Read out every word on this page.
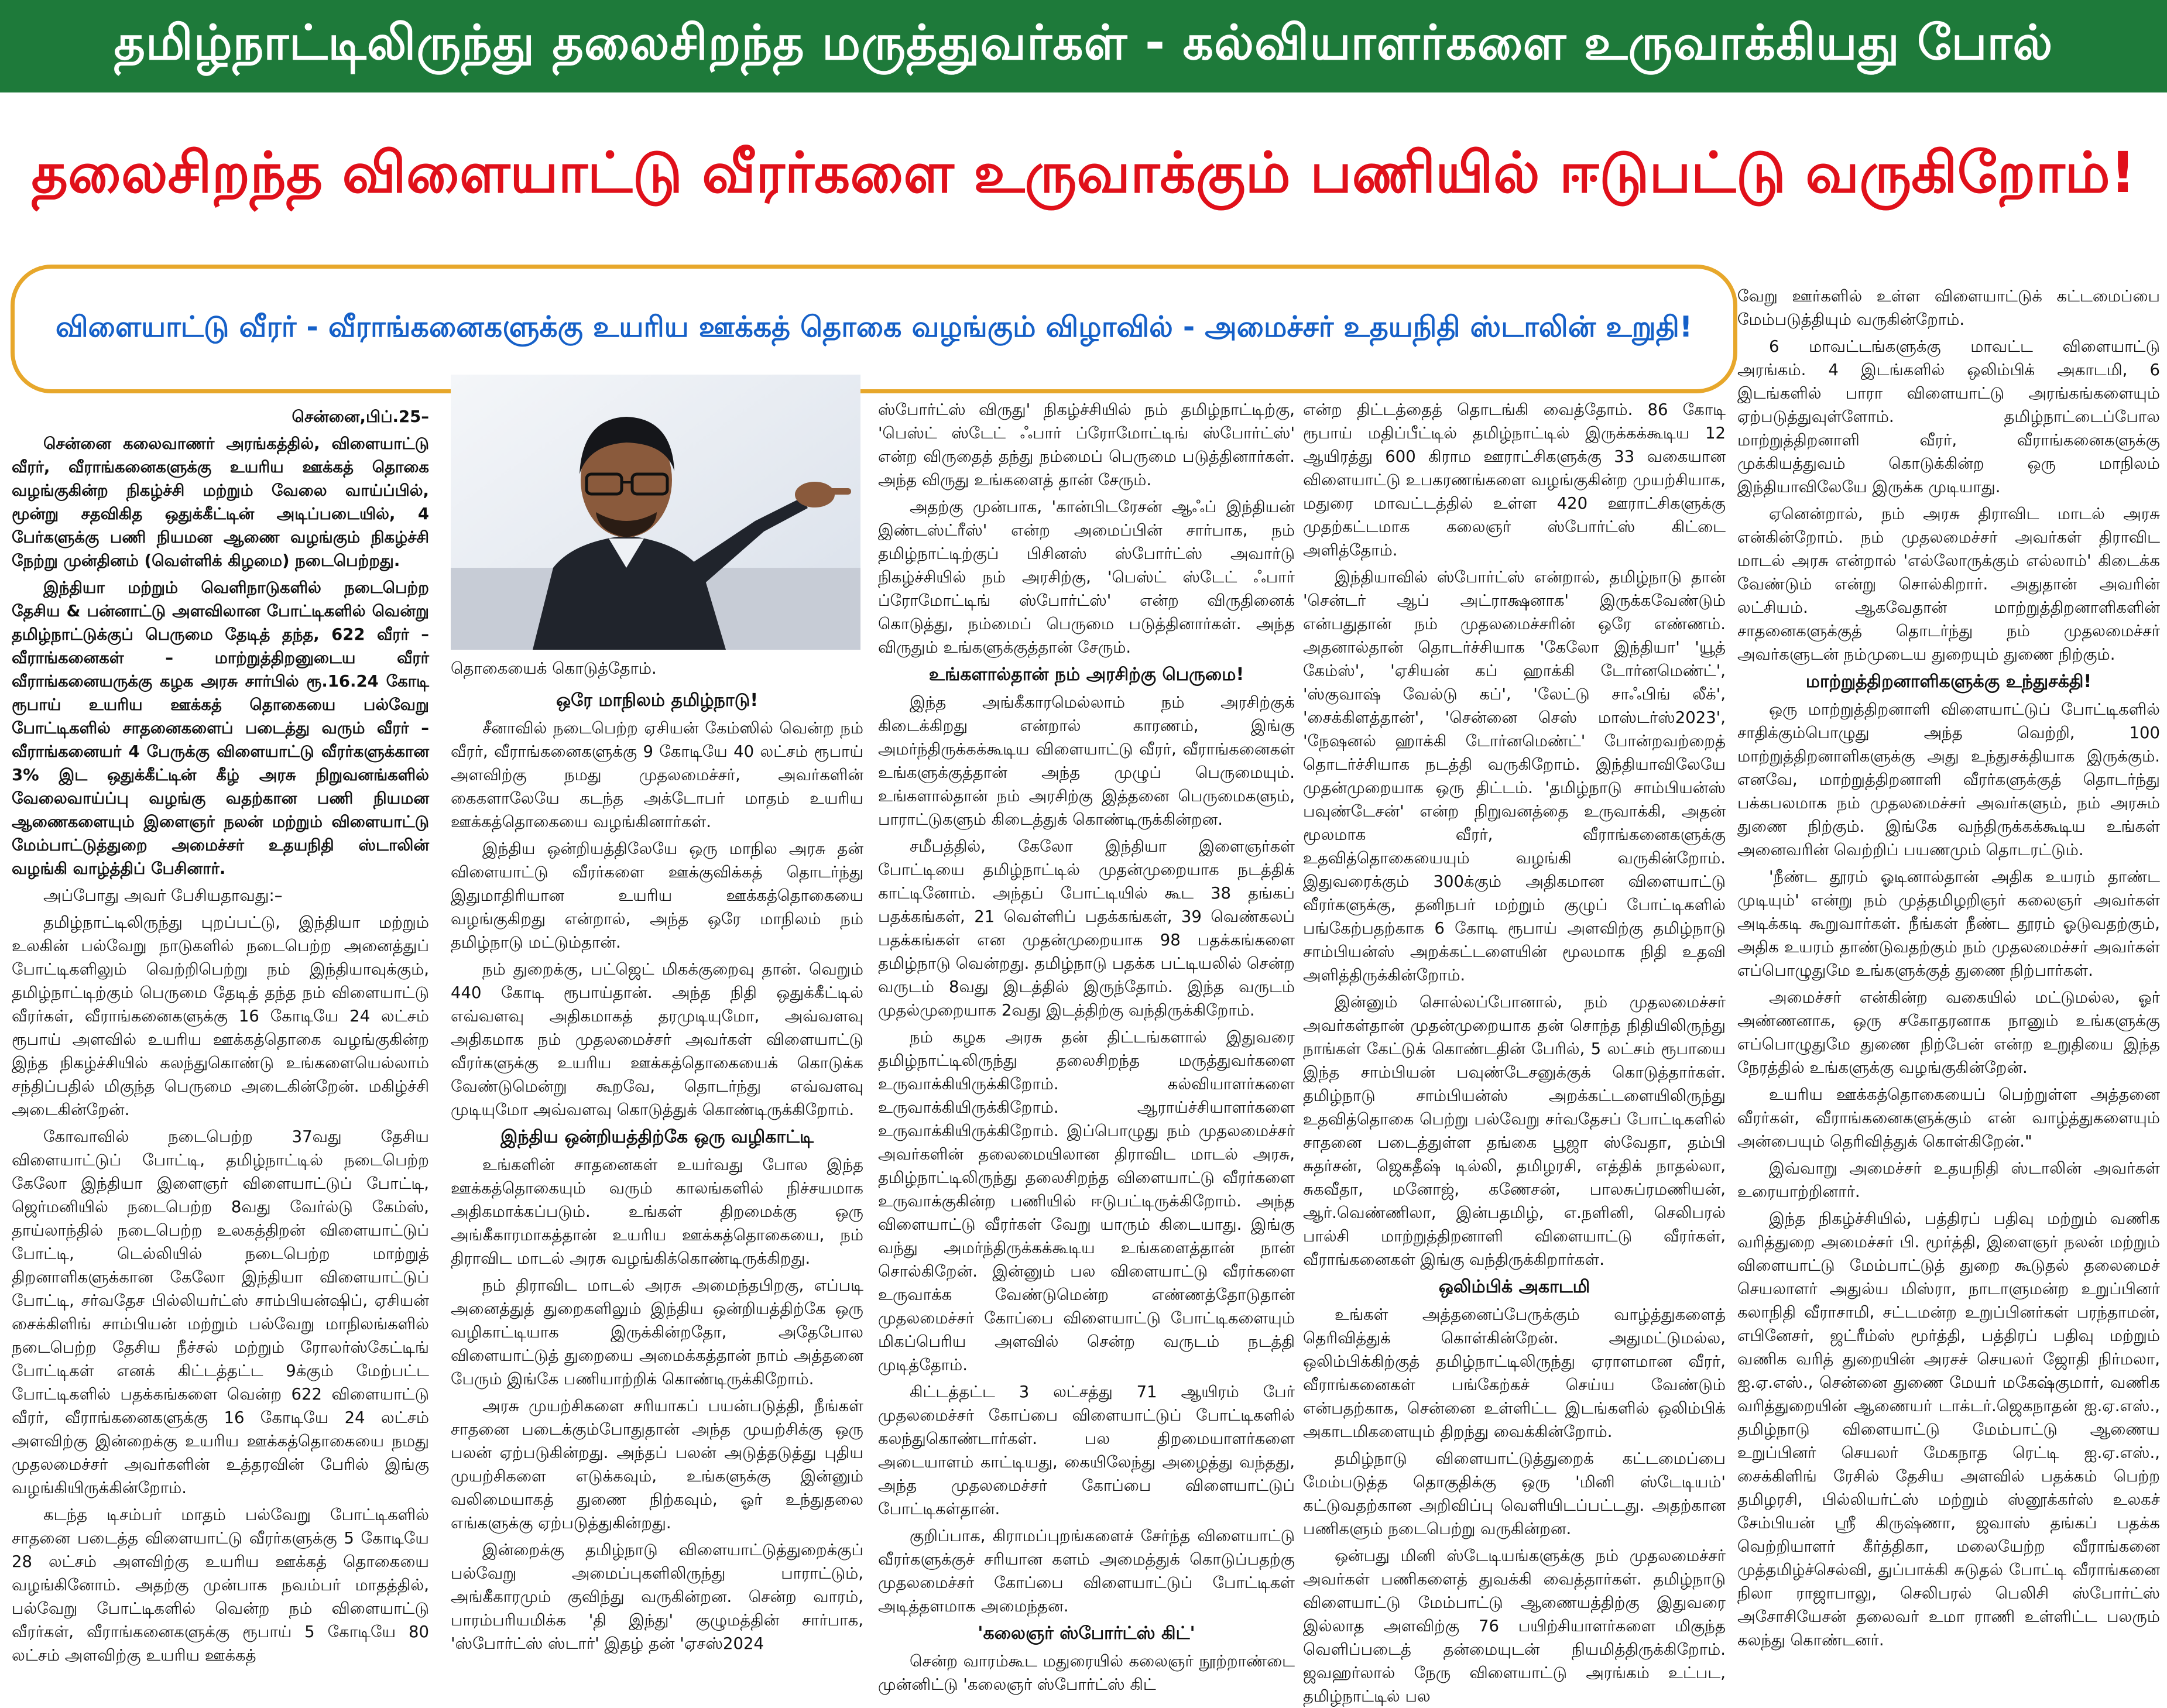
தமிழ்நாட்டிலிருந்து தலைசிறந்த மருத்துவர்கள் - கல்வியாளர்களை உருவாக்கியது போல்
தலைசிறந்த விளையாட்டு வீரர்களை உருவாக்கும் பணியில் ஈடுபட்டு வருகிறோம்!
விளையாட்டு வீரர் - வீராங்கனைகளுக்கு உயரிய ஊக்கத் தொகை வழங்கும் விழாவில் - அமைச்சர் உதயநிதி ஸ்டாலின் உறுதி!

சென்னை,பிப்.25–

சென்னை கலைவாணர் அரங்கத்தில், விளையாட்டு வீரர், வீராங்கனைகளுக்கு உயரிய ஊக்கத் தொகை வழங்குகின்ற நிகழ்ச்சி மற்றும் வேலை வாய்ப்பில், மூன்று சதவிகித ஒதுக்கீட்டின் அடிப்படையில், 4 பேர்களுக்கு பணி நியமன ஆணை வழங்கும் நிகழ்ச்சி நேற்று முன்தினம் (வெள்ளிக் கிழமை) நடைபெற்றது.

இந்தியா மற்றும் வெளிநாடுகளில் நடைபெற்ற தேசிய & பன்னாட்டு அளவிலான போட்டிகளில் வென்று தமிழ்நாட்டுக்குப் பெருமை தேடித் தந்த, 622 வீரர் – வீராங்கனைகள் – மாற்றுத்திறனுடைய வீரர் வீராங்கனையருக்கு கழக அரசு சார்பில் ரூ.16.24 கோடி ரூபாய் உயரிய ஊக்கத் தொகையை பல்வேறு போட்டிகளில் சாதனைகளைப் படைத்து வரும் வீரர் – வீராங்கனையர் 4 பேருக்கு விளையாட்டு வீரர்களுக்கான 3% இட ஒதுக்கீட்டின் கீழ் அரசு நிறுவனங்களில் வேலைவாய்ப்பு வழங்கு வதற்கான பணி நியமன ஆணைகளையும் இளைஞர் நலன் மற்றும் விளையாட்டு மேம்பாட்டுத்துறை அமைச்சர் உதயநிதி ஸ்டாலின் வழங்கி வாழ்த்திப் பேசினார்.

அப்போது அவர் பேசியதாவது:–

தமிழ்நாட்டிலிருந்து புறப்பட்டு, இந்தியா மற்றும் உலகின் பல்வேறு நாடுகளில் நடைபெற்ற அனைத்துப் போட்டிகளிலும் வெற்றிபெற்று நம் இந்தியாவுக்கும், தமிழ்நாட்டிற்கும் பெருமை தேடித் தந்த நம் விளையாட்டு வீரர்கள், வீராங்கனைகளுக்கு 16 கோடியே 24 லட்சம் ரூபாய் அளவில் உயரிய ஊக்கத்தொகை வழங்குகின்ற இந்த நிகழ்ச்சியில் கலந்துகொண்டு உங்களையெல்லாம் சந்திப்பதில் மிகுந்த பெருமை அடைகின்றேன். மகிழ்ச்சி அடைகின்றேன்.

கோவாவில் நடைபெற்ற 37வது தேசிய விளையாட்டுப் போட்டி, தமிழ்நாட்டில் நடைபெற்ற கேலோ இந்தியா இளைஞர் விளையாட்டுப் போட்டி, ஜெர்மனியில் நடைபெற்ற 8வது வேர்ல்டு கேம்ஸ், தாய்லாந்தில் நடைபெற்ற உலகத்திறன் விளையாட்டுப் போட்டி, டெல்லியில் நடைபெற்ற மாற்றுத் திறனாளிகளுக்கான கேலோ இந்தியா விளையாட்டுப் போட்டி, சர்வதேச பில்லியர்ட்ஸ் சாம்பியன்ஷிப், ஏசியன் சைக்கிளிங் சாம்பியன் மற்றும் பல்வேறு மாநிலங்களில் நடைபெற்ற தேசிய நீச்சல் மற்றும் ரோலர்ஸ்கேட்டிங் போட்டிகள் எனக் கிட்டத்தட்ட 9க்கும் மேற்பட்ட போட்டிகளில் பதக்கங்களை வென்ற 622 விளையாட்டு வீரர், வீராங்கனைகளுக்கு 16 கோடியே 24 லட்சம் அளவிற்கு இன்றைக்கு உயரிய ஊக்கத்தொகையை நமது முதலமைச்சர் அவர்களின் உத்தரவின் பேரில் இங்கு வழங்கியிருக்கின்றோம்.

கடந்த டிசம்பர் மாதம் பல்வேறு போட்டிகளில் சாதனை படைத்த விளையாட்டு வீரர்களுக்கு 5 கோடியே 28 லட்சம் அளவிற்கு உயரிய ஊக்கத் தொகையை வழங்கினோம். அதற்கு முன்பாக நவம்பர் மாதத்தில், பல்வேறு போட்டிகளில் வென்ற நம் விளையாட்டு வீரர்கள், வீராங்கனைகளுக்கு ரூபாய் 5 கோடியே 80 லட்சம் அளவிற்கு உயரிய ஊக்கத்

தொகையைக் கொடுத்தோம்.
ஒரே மாநிலம் தமிழ்நாடு!

சீனாவில் நடைபெற்ற ஏசியன் கேம்ஸில் வென்ற நம் வீரர், வீராங்கனைகளுக்கு 9 கோடியே 40 லட்சம் ரூபாய் அளவிற்கு நமது முதலமைச்சர், அவர்களின் கைகளாலேயே கடந்த அக்டோபர் மாதம் உயரிய ஊக்கத்தொகையை வழங்கினார்கள்.

இந்திய ஒன்றியத்திலேயே ஒரு மாநில அரசு தன் விளையாட்டு வீரர்களை ஊக்குவிக்கத் தொடர்ந்து இதுமாதிரியான உயரிய ஊக்கத்தொகையை வழங்குகிறது என்றால், அந்த ஒரே மாநிலம் நம் தமிழ்நாடு மட்டும்தான்.

நம் துறைக்கு, பட்ஜெட் மிகக்குறைவு தான். வெறும் 440 கோடி ரூபாய்தான். அந்த நிதி ஒதுக்கீட்டில் எவ்வளவு அதிகமாகத் தரமுடியுமோ, அவ்வளவு அதிகமாக நம் முதலமைச்சர் அவர்கள் விளையாட்டு வீரர்களுக்கு உயரிய ஊக்கத்தொகையைக் கொடுக்க வேண்டுமென்று கூறவே, தொடர்ந்து எவ்வளவு முடியுமோ அவ்வளவு கொடுத்துக் கொண்டிருக்கிறோம்.

இந்திய ஒன்றியத்திற்கே ஒரு வழிகாட்டி

உங்களின் சாதனைகள் உயர்வது போல இந்த ஊக்கத்தொகையும் வரும் காலங்களில் நிச்சயமாக அதிகமாக்கப்படும். உங்கள் திறமைக்கு ஒரு அங்கீகாரமாகத்தான் உயரிய ஊக்கத்தொகையை, நம் திராவிட மாடல் அரசு வழங்கிக்கொண்டிருக்கிறது.

நம் திராவிட மாடல் அரசு அமைந்தபிறகு, எப்படி அனைத்துத் துறைகளிலும் இந்திய ஒன்றியத்திற்கே ஒரு வழிகாட்டியாக இருக்கின்றதோ, அதேபோல விளையாட்டுத் துறையை அமைக்கத்தான் நாம் அத்தனை பேரும் இங்கே பணியாற்றிக் கொண்டிருக்கிறோம்.

அரசு முயற்சிகளை சரியாகப் பயன்படுத்தி, நீங்கள் சாதனை படைக்கும்போதுதான் அந்த முயற்சிக்கு ஒரு பலன் ஏற்படுகின்றது. அந்தப் பலன் அடுத்தடுத்து புதிய முயற்சிகளை எடுக்கவும், உங்களுக்கு இன்னும் வலிமையாகத் துணை நிற்கவும், ஓர் உந்துதலை எங்களுக்கு ஏற்படுத்துகின்றது.

இன்றைக்கு தமிழ்நாடு விளையாட்டுத்துறைக்குப் பல்வேறு அமைப்புகளிலிருந்து பாராட்டும், அங்கீகாரமும் குவிந்து வருகின்றன. சென்ற வாரம், பாரம்பரியமிக்க 'தி இந்து' குழுமத்தின் சார்பாக, 'ஸ்போர்ட்ஸ் ஸ்டார்' இதழ் தன் 'ஏசஸ்2024

ஸ்போர்ட்ஸ் விருது' நிகழ்ச்சியில் நம் தமிழ்நாட்டிற்கு, 'பெஸ்ட் ஸ்டேட் ஃபார் ப்ரோமோட்டிங் ஸ்போர்ட்ஸ்' என்ற விருதைத் தந்து நம்மைப் பெருமை படுத்தினார்கள். அந்த விருது உங்களைத் தான் சேரும்.

அதற்கு முன்பாக, 'கான்பிடரேசன் ஆஃப் இந்தியன் இண்டஸ்ட்ரீஸ்' என்ற அமைப்பின் சார்பாக, நம் தமிழ்நாட்டிற்குப் பிசினஸ் ஸ்போர்ட்ஸ் அவார்டு நிகழ்ச்சியில் நம் அரசிற்கு, 'பெஸ்ட் ஸ்டேட் ஃபார் ப்ரோமோட்டிங் ஸ்போர்ட்ஸ்' என்ற விருதினைக் கொடுத்து, நம்மைப் பெருமை படுத்தினார்கள். அந்த விருதும் உங்களுக்குத்தான் சேரும்.

உங்களால்தான் நம் அரசிற்கு பெருமை!

இந்த அங்கீகாரமெல்லாம் நம் அரசிற்குக் கிடைக்கிறது என்றால் காரணம், இங்கு அமர்ந்திருக்கக்கூடிய விளையாட்டு வீரர், வீராங்கனைகள் உங்களுக்குத்தான் அந்த முழுப் பெருமையும். உங்களால்தான் நம் அரசிற்கு இத்தனை பெருமைகளும், பாராட்டுகளும் கிடைத்துக் கொண்டிருக்கின்றன.

சமீபத்தில், கேலோ இந்தியா இளைஞர்கள் போட்டியை தமிழ்நாட்டில் முதன்முறையாக நடத்திக் காட்டினோம். அந்தப் போட்டியில் கூட 38 தங்கப் பதக்கங்கள், 21 வெள்ளிப் பதக்கங்கள், 39 வெண்கலப் பதக்கங்கள் என முதன்முறையாக 98 பதக்கங்களை தமிழ்நாடு வென்றது. தமிழ்நாடு பதக்க பட்டியலில் சென்ற வருடம் 8வது இடத்தில் இருந்தோம். இந்த வருடம் முதல்முறையாக 2வது இடத்திற்கு வந்திருக்கிறோம்.

நம் கழக அரசு தன் திட்டங்களால் இதுவரை தமிழ்நாட்டிலிருந்து தலைசிறந்த மருத்துவர்களை உருவாக்கியிருக்கிறோம். கல்வியாளர்களை உருவாக்கியிருக்கிறோம். ஆராய்ச்சியாளர்களை உருவாக்கியிருக்கிறோம். இப்பொழுது நம் முதலமைச்சர் அவர்களின் தலைமையிலான திராவிட மாடல் அரசு, தமிழ்நாட்டிலிருந்து தலைசிறந்த விளையாட்டு வீரர்களை உருவாக்குகின்ற பணியில் ஈடுபட்டிருக்கிறோம். அந்த விளையாட்டு வீரர்கள் வேறு யாரும் கிடையாது. இங்கு வந்து அமர்ந்திருக்கக்கூடிய உங்களைத்தான் நான் சொல்கிறேன். இன்னும் பல விளையாட்டு வீரர்களை உருவாக்க வேண்டுமென்ற எண்ணத்தோடுதான் முதலமைச்சர் கோப்பை விளையாட்டு போட்டிகளையும் மிகப்பெரிய அளவில் சென்ற வருடம் நடத்தி முடித்தோம்.

கிட்டத்தட்ட 3 லட்சத்து 71 ஆயிரம் பேர் முதலமைச்சர் கோப்பை விளையாட்டுப் போட்டிகளில் கலந்துகொண்டார்கள். பல திறமையாளர்களை அடையாளம் காட்டியது, கையிலேந்து அழைத்து வந்தது, அந்த முதலமைச்சர் கோப்பை விளையாட்டுப் போட்டிகள்தான்.

குறிப்பாக, கிராமப்புறங்களைச் சேர்ந்த விளையாட்டு வீரர்களுக்குச் சரியான களம் அமைத்துக் கொடுப்பதற்கு முதலமைச்சர் கோப்பை விளையாட்டுப் போட்டிகள் அடித்தளமாக அமைந்தன.

'கலைஞர் ஸ்போர்ட்ஸ் கிட்'

சென்ற வாரம்கூட மதுரையில் கலைஞர் நூற்றாண்டை முன்னிட்டு 'கலைஞர் ஸ்போர்ட்ஸ் கிட்

என்ற திட்டத்தைத் தொடங்கி வைத்தோம். 86 கோடி ரூபாய் மதிப்பீட்டில் தமிழ்நாட்டில் இருக்கக்கூடிய 12 ஆயிரத்து 600 கிராம ஊராட்சிகளுக்கு 33 வகையான விளையாட்டு உபகரணங்களை வழங்குகின்ற முயற்சியாக, மதுரை மாவட்டத்தில் உள்ள 420 ஊராட்சிகளுக்கு முதற்கட்டமாக கலைஞர் ஸ்போர்ட்ஸ் கிட்டை அளித்தோம்.

இந்தியாவில் ஸ்போர்ட்ஸ் என்றால், தமிழ்நாடு தான் 'சென்டர் ஆப் அட்ராக்ஷனாக' இருக்கவேண்டும் என்பதுதான் நம் முதலமைச்சரின் ஒரே எண்ணம். அதனால்தான் தொடர்ச்சியாக 'கேலோ இந்தியா' 'யூத் கேம்ஸ்', 'ஏசியன் கப் ஹாக்கி டோர்னமெண்ட்', 'ஸ்குவாஷ் வேல்டு கப்', 'லேட்டு சாஃபிங் லீக்', 'சைக்கிளத்தான்', 'சென்னை செஸ் மாஸ்டர்ஸ்2023', 'நேஷனல் ஹாக்கி டோர்னமெண்ட்' போன்றவற்றைத் தொடர்ச்சியாக நடத்தி வருகிறோம். இந்தியாவிலேயே முதன்முறையாக ஒரு திட்டம். 'தமிழ்நாடு சாம்பியன்ஸ் பவுண்டேசன்' என்ற நிறுவனத்தை உருவாக்கி, அதன் மூலமாக வீரர், வீராங்கனைகளுக்கு உதவித்தொகையையும் வழங்கி வருகின்றோம். இதுவரைக்கும் 300க்கும் அதிகமான விளையாட்டு வீரர்களுக்கு, தனிநபர் மற்றும் குழுப் போட்டிகளில் பங்கேற்பதற்காக 6 கோடி ரூபாய் அளவிற்கு தமிழ்நாடு சாம்பியன்ஸ் அறக்கட்டளையின் மூலமாக நிதி உதவி அளித்திருக்கின்றோம்.

இன்னும் சொல்லப்போனால், நம் முதலமைச்சர் அவர்கள்தான் முதன்முறையாக தன் சொந்த நிதியிலிருந்து நாங்கள் கேட்டுக் கொண்டதின் பேரில், 5 லட்சம் ரூபாயை இந்த சாம்பியன் பவுண்டேசனுக்குக் கொடுத்தார்கள். தமிழ்நாடு சாம்பியன்ஸ் அறக்கட்டளையிலிருந்து உதவித்தொகை பெற்று பல்வேறு சர்வதேசப் போட்டிகளில் சாதனை படைத்துள்ள தங்கை பூஜா ஸ்வேதா, தம்பி சுதர்சன், ஜெகதீஷ் டில்லி, தமிழரசி, எத்திக் நாதல்லா, சுகவீதா, மனோஜ், கணேசன், பாலசுப்ரமணியன், ஆர்.வெண்ணிலா, இன்பதமிழ், எ.நளினி, செலிபரல் பால்சி மாற்றுத்திறனாளி விளையாட்டு வீரர்கள், வீராங்கனைகள் இங்கு வந்திருக்கிறார்கள்.

ஒலிம்பிக் அகாடமி

உங்கள் அத்தனைப்பேருக்கும் வாழ்த்துகளைத் தெரிவித்துக் கொள்கின்றேன். அதுமட்டுமல்ல, ஒலிம்பிக்கிற்குத் தமிழ்நாட்டிலிருந்து ஏராளமான வீரர், வீராங்கனைகள் பங்கேற்கச் செய்ய வேண்டும் என்பதற்காக, சென்னை உள்ளிட்ட இடங்களில் ஒலிம்பிக் அகாடமிகளையும் திறந்து வைக்கின்றோம்.

தமிழ்நாடு விளையாட்டுத்துறைக் கட்டமைப்பை மேம்படுத்த தொகுதிக்கு ஒரு 'மினி ஸ்டேடியம்' கட்டுவதற்கான அறிவிப்பு வெளியிடப்பட்டது. அதற்கான பணிகளும் நடைபெற்று வருகின்றன.

ஒன்பது மினி ஸ்டேடியங்களுக்கு நம் முதலமைச்சர் அவர்கள் பணிகளைத் துவக்கி வைத்தார்கள். தமிழ்நாடு விளையாட்டு மேம்பாட்டு ஆணையத்திற்கு இதுவரை இல்லாத அளவிற்கு 76 பயிற்சியாளர்களை மிகுந்த வெளிப்படைத் தன்மையுடன் நியமித்திருக்கிறோம். ஜவஹர்லால் நேரு விளையாட்டு அரங்கம் உட்பட, தமிழ்நாட்டில் பல

வேறு ஊர்களில் உள்ள விளையாட்டுக் கட்டமைப்பை மேம்படுத்தியும் வருகின்றோம்.

6 மாவட்டங்களுக்கு மாவட்ட விளையாட்டு அரங்கம். 4 இடங்களில் ஒலிம்பிக் அகாடமி, 6 இடங்களில் பாரா விளையாட்டு அரங்கங்களையும் ஏற்படுத்துவுள்ளோம். தமிழ்நாட்டைப்போல மாற்றுத்திறனாளி வீரர், வீராங்கனைகளுக்கு முக்கியத்துவம் கொடுக்கின்ற ஒரு மாநிலம் இந்தியாவிலேயே இருக்க முடியாது.

ஏனென்றால், நம் அரசு திராவிட மாடல் அரசு என்கின்றோம். நம் முதலமைச்சர் அவர்கள் திராவிட மாடல் அரசு என்றால் 'எல்லோருக்கும் எல்லாம்' கிடைக்க வேண்டும் என்று சொல்கிறார். அதுதான் அவரின் லட்சியம். ஆகவேதான் மாற்றுத்திறனாளிகளின் சாதனைகளுக்குத் தொடர்ந்து நம் முதலமைச்சர் அவர்களுடன் நம்முடைய துறையும் துணை நிற்கும்.

மாற்றுத்திறனாளிகளுக்கு உந்துசக்தி!

ஒரு மாற்றுத்திறனாளி விளையாட்டுப் போட்டிகளில் சாதிக்கும்பொழுது அந்த வெற்றி, 100 மாற்றுத்திறனாளிகளுக்கு அது உந்துசக்தியாக இருக்கும். எனவே, மாற்றுத்திறனாளி வீரர்களுக்குத் தொடர்ந்து பக்கபலமாக நம் முதலமைச்சர் அவர்களும், நம் அரசும் துணை நிற்கும். இங்கே வந்திருக்கக்கூடிய உங்கள் அனைவரின் வெற்றிப் பயணமும் தொடரட்டும்.

'நீண்ட தூரம் ஓடினால்தான் அதிக உயரம் தாண்ட முடியும்' என்று நம் முத்தமிழறிஞர் கலைஞர் அவர்கள் அடிக்கடி கூறுவார்கள். நீங்கள் நீண்ட தூரம் ஓடுவதற்கும், அதிக உயரம் தாண்டுவதற்கும் நம் முதலமைச்சர் அவர்கள் எப்பொழுதுமே உங்களுக்குத் துணை நிற்பார்கள்.

அமைச்சர் என்கின்ற வகையில் மட்டுமல்ல, ஓர் அண்ணனாக, ஒரு சகோதரனாக நானும் உங்களுக்கு எப்பொழுதுமே துணை நிற்பேன் என்ற உறுதியை இந்த நேரத்தில் உங்களுக்கு வழங்குகின்றேன்.

உயரிய ஊக்கத்தொகையைப் பெற்றுள்ள அத்தனை வீரர்கள், வீராங்கனைகளுக்கும் என் வாழ்த்துகளையும் அன்பையும் தெரிவித்துக் கொள்கிறேன்."

இவ்வாறு அமைச்சர் உதயநிதி ஸ்டாலின் அவர்கள் உரையாற்றினார்.

இந்த நிகழ்ச்சியில், பத்திரப் பதிவு மற்றும் வணிக வரித்துறை அமைச்சர் பி. மூர்த்தி, இளைஞர் நலன் மற்றும் விளையாட்டு மேம்பாட்டுத் துறை கூடுதல் தலைமைச் செயலாளர் அதுல்ய மிஸ்ரா, நாடாளுமன்ற உறுப்பினர் கலாநிதி வீராசாமி, சட்டமன்ற உறுப்பினர்கள் பரந்தாமன், எபினேசர், ஜட்ரீம்ஸ் மூர்த்தி, பத்திரப் பதிவு மற்றும் வணிக வரித் துறையின் அரசச் செயலர் ஜோதி நிர்மலா, ஐ.ஏ.எஸ்., சென்னை துணை மேயர் மகேஷ்குமார், வணிக வரித்துறையின் ஆணையர் டாக்டர்.ஜெகநாதன் ஐ.ஏ.எஸ்., தமிழ்நாடு விளையாட்டு மேம்பாட்டு ஆணைய உறுப்பினர் செயலர் மேகநாத ரெட்டி ஐ.ஏ.எஸ்., சைக்கிளிங் ரேசில் தேசிய அளவில் பதக்கம் பெற்ற தமிழரசி, பில்லியர்ட்ஸ் மற்றும் ஸ்னூக்கர்ஸ் உலகச் சேம்பியன் ஸ்ரீ கிருஷ்ணா, ஜவாஸ் தங்கப் பதக்க வெற்றியாளர் கீர்த்திகா, மலையேற்ற வீராங்கனை முத்தமிழ்ச்செல்வி, துப்பாக்கி சுடுதல் போட்டி வீராங்கனை நிலா ராஜாபாலு, செலிபரல் பெலிசி ஸ்போர்ட்ஸ் அசோசியேசன் தலைவர் உமா ராணி உள்ளிட்ட பலரும் கலந்து கொண்டனர்.
